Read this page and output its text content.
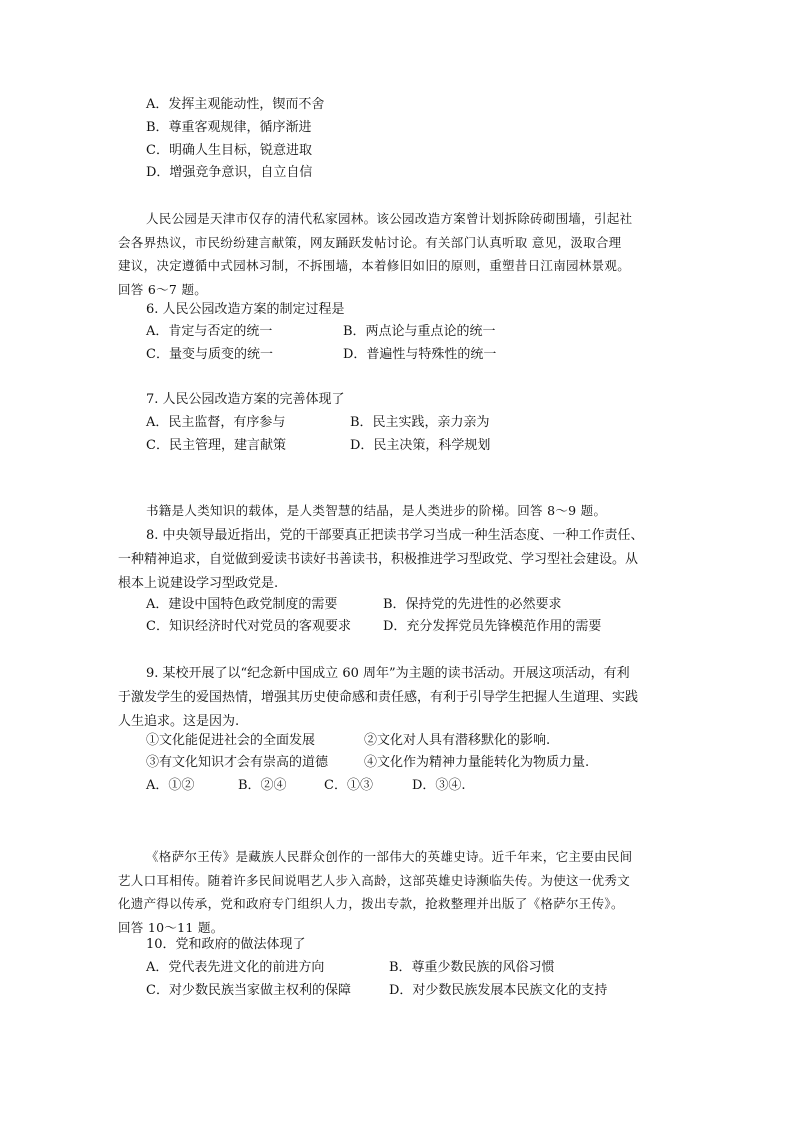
A．发挥主观能动性，锲而不舍
B．尊重客观规律，循序渐进
C．明确人生目标，锐意进取
D．增强竞争意识，自立自信
人民公园是天津市仅存的清代私家园林。该公园改造方案曾计划拆除砖砌围墙，引起社
会各界热议，市民纷纷建言献策，网友踊跃发帖讨论。有关部门认真听取 意见，汲取合理
建议，决定遵循中式园林习制，不拆围墙，本着修旧如旧的原则，重塑昔日江南园林景观。
回答 6～7 题。
6. 人民公园改造方案的制定过程是
A．肯定与否定的统一	B．两点论与重点论的统一
C．量变与质变的统一	D．普遍性与特殊性的统一
7. 人民公园改造方案的完善体现了
A．民主监督，有序参与	B．民主实践，亲力亲为
C．民主管理，建言献策	D．民主决策，科学规划
书籍是人类知识的载体，是人类智慧的结晶，是人类进步的阶梯。回答 8～9 题。
8. 中央领导最近指出，党的干部要真正把读书学习当成一种生活态度、一种工作责任、
一种精神追求，自觉做到爱读书读好书善读书，积极推进学习型政党、学习型社会建设。从
根本上说建设学习型政党是.
A．建设中国特色政党制度的需要	B．保持党的先进性的必然要求
C．知识经济时代对党员的客观要求 D．充分发挥党员先锋模范作用的需要
9. 某校开展了以“纪念新中国成立 60 周年”为主题的读书活动。开展这项活动，有利
于激发学生的爱国热情，增强其历史使命感和责任感，有利于引导学生把握人生道理、实践
人生追求。这是因为.
①文化能促进社会的全面发展	②文化对人具有潜移默化的影响.
③有文化知识才会有崇高的道德	④文化作为精神力量能转化为物质力量.
A．①②	B．②④	C．①③	D．③④.
《格萨尔王传》是藏族人民群众创作的一部伟大的英雄史诗。近千年来，它主要由民间
艺人口耳相传。随着许多民间说唱艺人步入高龄，这部英雄史诗濒临失传。为使这一优秀文
化遗产得以传承，党和政府专门组织人力，拨出专款，抢救整理并出版了《格萨尔王传》。
回答 10～11 题。
10．党和政府的做法体现了
A．党代表先进文化的前进方向	B．尊重少数民族的风俗习惯
C．对少数民族当家做主权利的保障	D．对少数民族发展本民族文化的支持
